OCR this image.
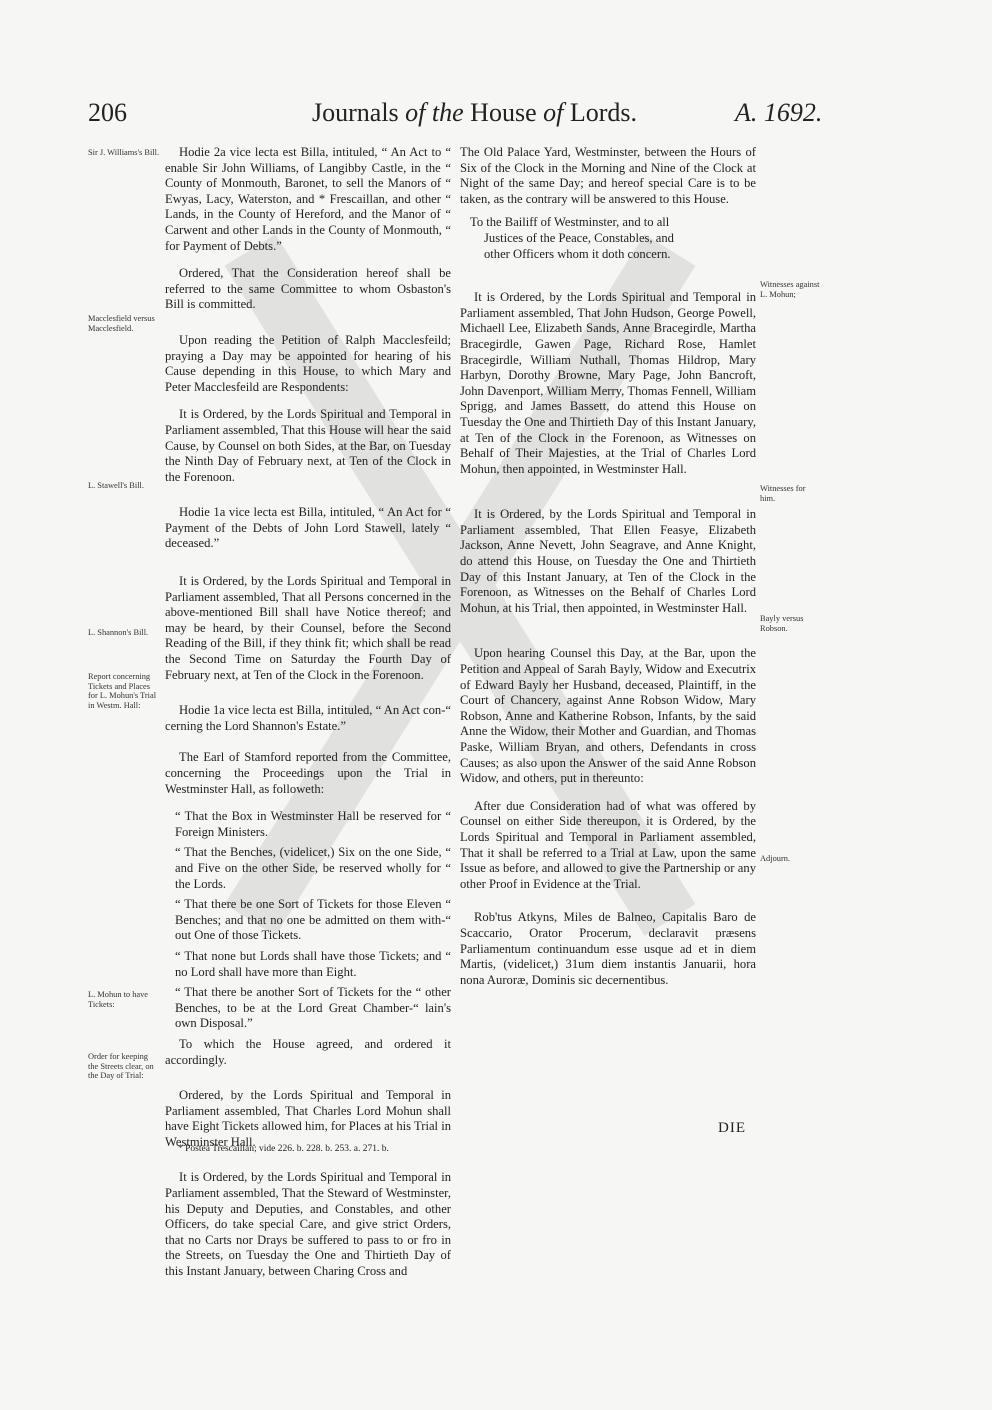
206	Journals of the House of Lords.	A. 1692.
Sir J. Williams's Bill.
Macclesfield versus Macclesfield.
L. Stawell's Bill.
L. Shannon's Bill.
Report concerning Tickets and Places for L. Mohun's Trial in Westm. Hall:
L. Mohun to have Tickets:
Order for keeping the Streets clear, on the Day of Trial:
Witnesses against L. Mohun;
Witnesses for him.
Bayly versus Robson.
Adjourn.

Hodie 2a vice lecta est Billa, intituled, “ An Act to “ enable Sir John Williams, of Langibby Castle, in the “ County of Monmouth, Baronet, to sell the Manors of “ Ewyas, Lacy, Waterston, and * Frescaillan, and other “ Lands, in the County of Hereford, and the Manor of “ Carwent and other Lands in the County of Monmouth, “ for Payment of Debts.”

Ordered, That the Consideration hereof shall be referred to the same Committee to whom Osbaston's Bill is committed.

Upon reading the Petition of Ralph Macclesfeild; praying a Day may be appointed for hearing of his Cause depending in this House, to which Mary and Peter Macclesfeild are Respondents:

It is Ordered, by the Lords Spiritual and Temporal in Parliament assembled, That this House will hear the said Cause, by Counsel on both Sides, at the Bar, on Tuesday the Ninth Day of February next, at Ten of the Clock in the Forenoon.

Hodie 1a vice lecta est Billa, intituled, “ An Act for “ Payment of the Debts of John Lord Stawell, lately “ deceased.”

It is Ordered, by the Lords Spiritual and Temporal in Parliament assembled, That all Persons concerned in the above-mentioned Bill shall have Notice thereof; and may be heard, by their Counsel, before the Second Reading of the Bill, if they think fit; which shall be read the Second Time on Saturday the Fourth Day of February next, at Ten of the Clock in the Forenoon.

Hodie 1a vice lecta est Billa, intituled, “ An Act con-“ cerning the Lord Shannon's Estate.”

The Earl of Stamford reported from the Committee, concerning the Proceedings upon the Trial in Westminster Hall, as followeth:

“ That the Box in Westminster Hall be reserved for “ Foreign Ministers.

“ That the Benches, (videlicet,) Six on the one Side, “ and Five on the other Side, be reserved wholly for “ the Lords.

“ That there be one Sort of Tickets for those Eleven “ Benches; and that no one be admitted on them with-“ out One of those Tickets.

“ That none but Lords shall have those Tickets; and “ no Lord shall have more than Eight.

“ That there be another Sort of Tickets for the “ other Benches, to be at the Lord Great Chamber-“ lain's own Disposal.”

To which the House agreed, and ordered it accordingly.

Ordered, by the Lords Spiritual and Temporal in Parliament assembled, That Charles Lord Mohun shall have Eight Tickets allowed him, for Places at his Trial in Westminster Hall.

It is Ordered, by the Lords Spiritual and Temporal in Parliament assembled, That the Steward of Westminster, his Deputy and Deputies, and Constables, and other Officers, do take special Care, and give strict Orders, that no Carts nor Drays be suffered to pass to or fro in the Streets, on Tuesday the One and Thirtieth Day of this Instant January, between Charing Cross and

The Old Palace Yard, Westminster, between the Hours of Six of the Clock in the Morning and Nine of the Clock at Night of the same Day; and hereof special Care is to be taken, as the contrary will be answered to this House.

To the Bailiff of Westminster, and to all
Justices of the Peace, Constables, and
other Officers whom it doth concern.

It is Ordered, by the Lords Spiritual and Temporal in Parliament assembled, That John Hudson, George Powell, Michaell Lee, Elizabeth Sands, Anne Bracegirdle, Martha Bracegirdle, Gawen Page, Richard Rose, Hamlet Bracegirdle, William Nuthall, Thomas Hildrop, Mary Harbyn, Dorothy Browne, Mary Page, John Bancroft, John Davenport, William Merry, Thomas Fennell, William Sprigg, and James Bassett, do attend this House on Tuesday the One and Thirtieth Day of this Instant January, at Ten of the Clock in the Forenoon, as Witnesses on Behalf of Their Majesties, at the Trial of Charles Lord Mohun, then appointed, in Westminster Hall.

It is Ordered, by the Lords Spiritual and Temporal in Parliament assembled, That Ellen Feasye, Elizabeth Jackson, Anne Nevett, John Seagrave, and Anne Knight, do attend this House, on Tuesday the One and Thirtieth Day of this Instant January, at Ten of the Clock in the Forenoon, as Witnesses on the Behalf of Charles Lord Mohun, at his Trial, then appointed, in Westminster Hall.

Upon hearing Counsel this Day, at the Bar, upon the Petition and Appeal of Sarah Bayly, Widow and Executrix of Edward Bayly her Husband, deceased, Plaintiff, in the Court of Chancery, against Anne Robson Widow, Mary Robson, Anne and Katherine Robson, Infants, by the said Anne the Widow, their Mother and Guardian, and Thomas Paske, William Bryan, and others, Defendants in cross Causes; as also upon the Answer of the said Anne Robson Widow, and others, put in thereunto:

After due Consideration had of what was offered by Counsel on either Side thereupon, it is Ordered, by the Lords Spiritual and Temporal in Parliament assembled, That it shall be referred to a Trial at Law, upon the same Issue as before, and allowed to give the Partnership or any other Proof in Evidence at the Trial.

Rob'tus Atkyns, Miles de Balneo, Capitalis Baro de Scaccario, Orator Procerum, declaravit præsens Parliamentum continuandum esse usque ad et in diem Martis, (videlicet,) 31um diem instantis Januarii, hora nona Auroræ, Dominis sic decernentibus.

* Postea Trescaillan; vide 226. b. 228. b. 253. a. 271. b.
DIE
